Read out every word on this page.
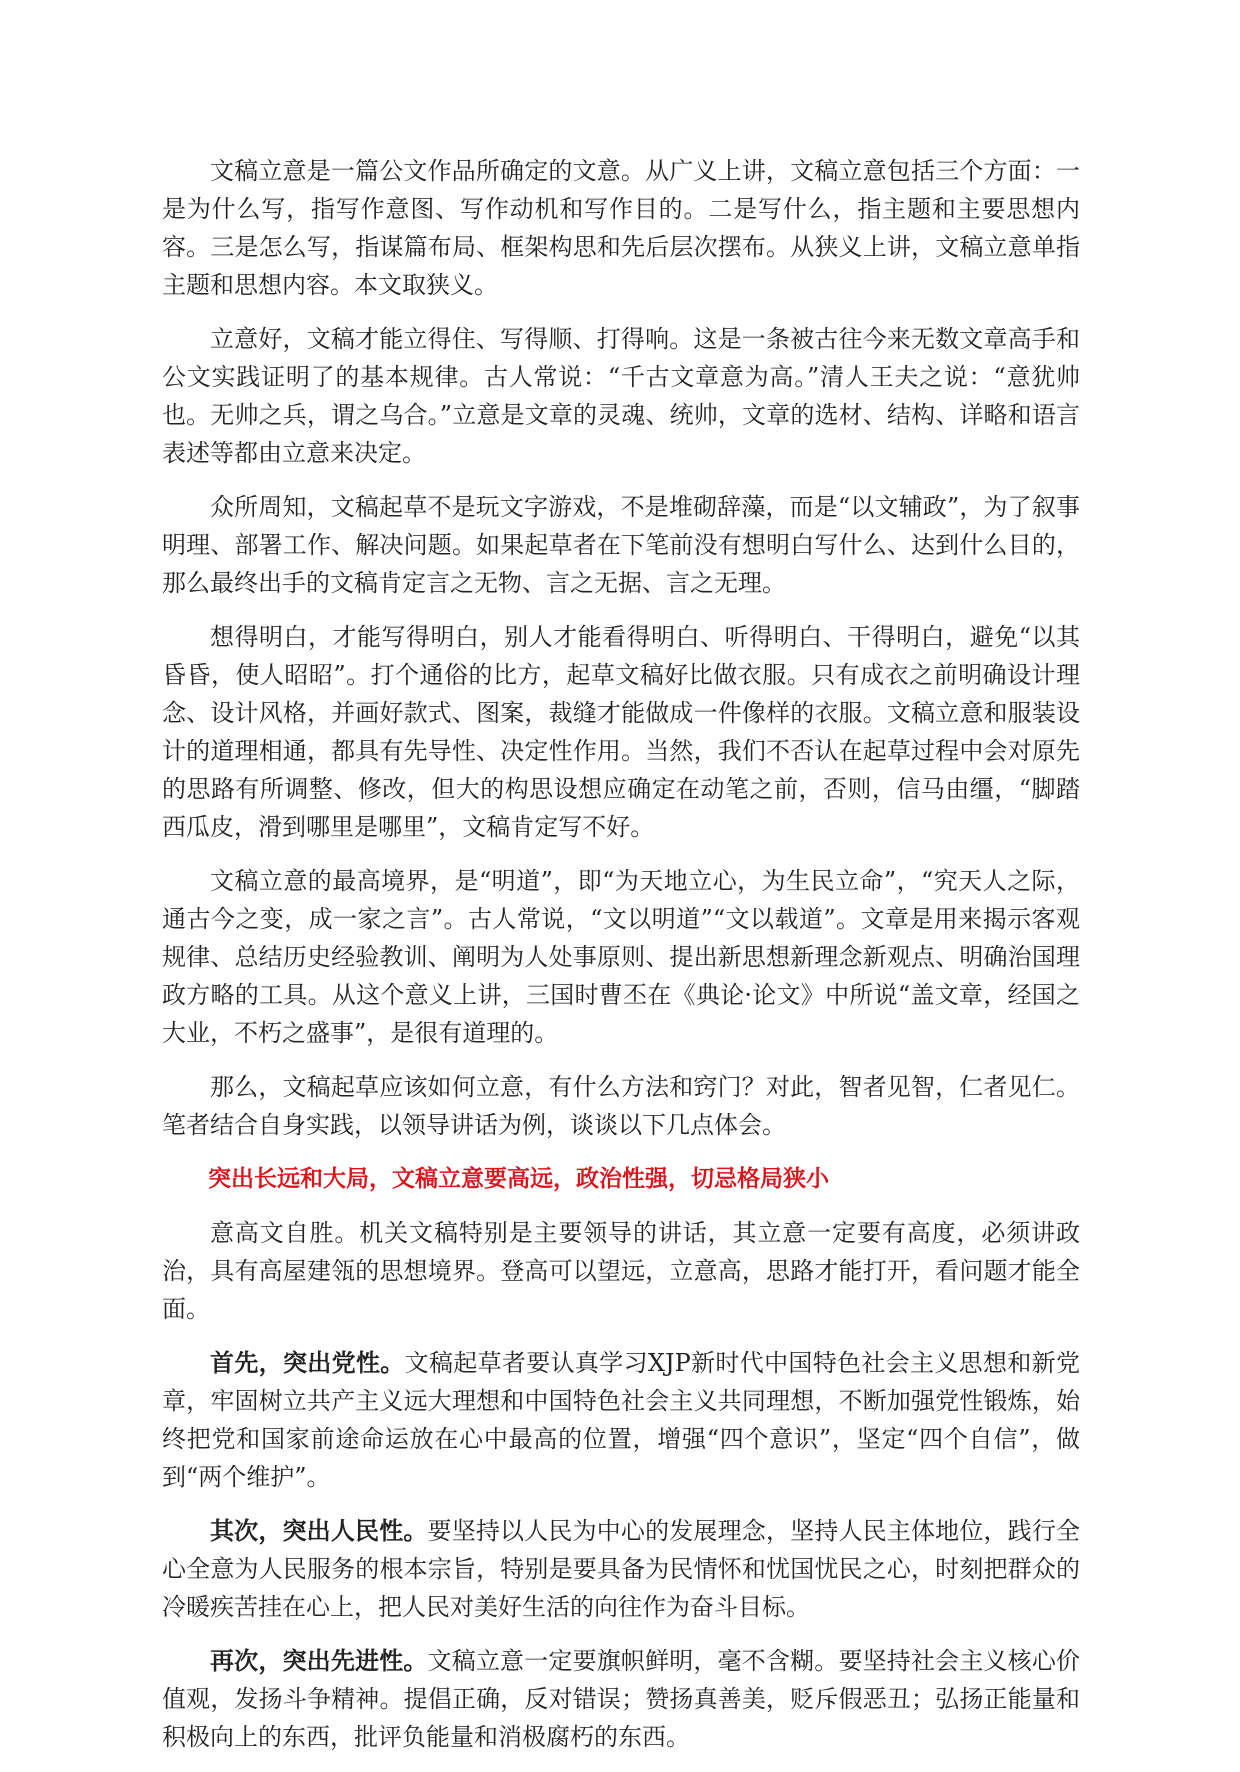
文稿立意是一篇公文作品所确定的文意。从广义上讲，文稿立意包括三个方面：一是为什么写，指写作意图、写作动机和写作目的。二是写什么，指主题和主要思想内容。三是怎么写，指谋篇布局、框架构思和先后层次摆布。从狭义上讲，文稿立意单指主题和思想内容。本文取狭义。

立意好，文稿才能立得住、写得顺、打得响。这是一条被古往今来无数文章高手和公文实践证明了的基本规律。古人常说：“千古文章意为高。”清人王夫之说：“意犹帅也。无帅之兵，谓之乌合。”立意是文章的灵魂、统帅，文章的选材、结构、详略和语言表述等都由立意来决定。

众所周知，文稿起草不是玩文字游戏，不是堆砌辞藻，而是“以文辅政”，为了叙事明理、部署工作、解决问题。如果起草者在下笔前没有想明白写什么、达到什么目的，那么最终出手的文稿肯定言之无物、言之无据、言之无理。

想得明白，才能写得明白，别人才能看得明白、听得明白、干得明白，避免“以其昏昏，使人昭昭”。打个通俗的比方，起草文稿好比做衣服。只有成衣之前明确设计理念、设计风格，并画好款式、图案，裁缝才能做成一件像样的衣服。文稿立意和服装设计的道理相通，都具有先导性、决定性作用。当然，我们不否认在起草过程中会对原先的思路有所调整、修改，但大的构思设想应确定在动笔之前，否则，信马由缰，“脚踏西瓜皮，滑到哪里是哪里”，文稿肯定写不好。

文稿立意的最高境界，是“明道”，即“为天地立心，为生民立命”，“究天人之际，通古今之变，成一家之言”。古人常说，“文以明道”“文以载道”。文章是用来揭示客观规律、总结历史经验教训、阐明为人处事原则、提出新思想新理念新观点、明确治国理政方略的工具。从这个意义上讲，三国时曹丕在《典论·论文》中所说“盖文章，经国之大业，不朽之盛事”，是很有道理的。

那么，文稿起草应该如何立意，有什么方法和窍门？对此，智者见智，仁者见仁。笔者结合自身实践，以领导讲话为例，谈谈以下几点体会。

突出长远和大局，文稿立意要高远，政治性强，切忌格局狭小

意高文自胜。机关文稿特别是主要领导的讲话，其立意一定要有高度，必须讲政治，具有高屋建瓴的思想境界。登高可以望远，立意高，思路才能打开，看问题才能全面。

首先，突出党性。文稿起草者要认真学习XJP新时代中国特色社会主义思想和新党章，牢固树立共产主义远大理想和中国特色社会主义共同理想，不断加强党性锻炼，始终把党和国家前途命运放在心中最高的位置，增强“四个意识”，坚定“四个自信”，做到“两个维护”。

其次，突出人民性。要坚持以人民为中心的发展理念，坚持人民主体地位，践行全心全意为人民服务的根本宗旨，特别是要具备为民情怀和忧国忧民之心，时刻把群众的冷暖疾苦挂在心上，把人民对美好生活的向往作为奋斗目标。

再次，突出先进性。文稿立意一定要旗帜鲜明，毫不含糊。要坚持社会主义核心价值观，发扬斗争精神。提倡正确，反对错误；赞扬真善美，贬斥假恶丑；弘扬正能量和积极向上的东西，批评负能量和消极腐朽的东西。
